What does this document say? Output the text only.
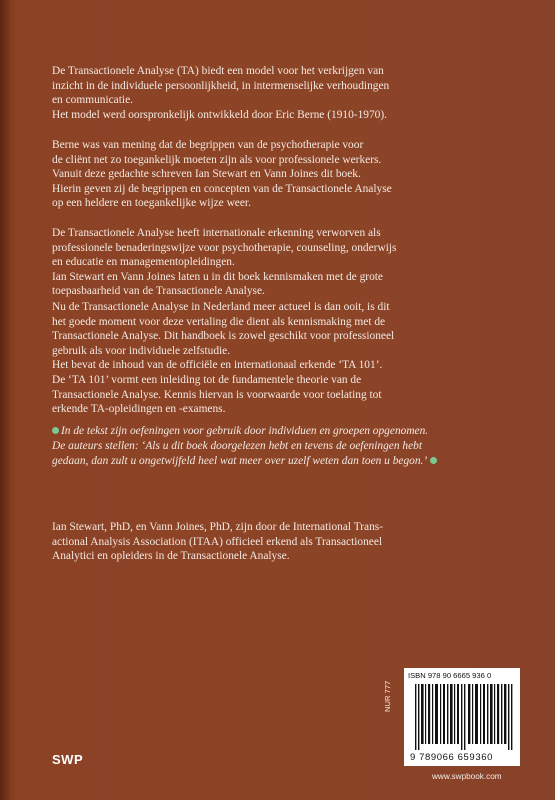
De Transactionele Analyse (TA) biedt een model voor het verkrijgen van
inzicht in de individuele persoonlijkheid, in intermenselijke verhoudingen
en communicatie.
Het model werd oorspronkelijk ontwikkeld door Eric Berne (1910-1970).
Berne was van mening dat de begrippen van de psychotherapie voor
de cliënt net zo toegankelijk moeten zijn als voor professionele werkers.
Vanuit deze gedachte schreven Ian Stewart en Vann Joines dit boek.
Hierin geven zij de begrippen en concepten van de Transactionele Analyse
op een heldere en toegankelijke wijze weer.
De Transactionele Analyse heeft internationale erkenning verworven als
professionele benaderingswijze voor psychotherapie, counseling, onderwijs
en educatie en managementopleidingen.
Ian Stewart en Vann Joines laten u in dit boek kennismaken met de grote
toepasbaarheid van de Transactionele Analyse.
Nu de Transactionele Analyse in Nederland meer actueel is dan ooit, is dit
het goede moment voor deze vertaling die dient als kennismaking met de
Transactionele Analyse. Dit handboek is zowel geschikt voor professioneel
gebruik als voor individuele zelfstudie.
Het bevat de inhoud van de officiële en internationaal erkende ‘TA 101’.
De ‘TA 101’ vormt een inleiding tot de fundamentele theorie van de
Transactionele Analyse. Kennis hiervan is voorwaarde voor toelating tot
erkende TA-opleidingen en -examens.
In de tekst zijn oefeningen voor gebruik door individuen en groepen opgenomen.
De auteurs stellen: ‘Als u dit boek doorgelezen hebt en tevens de oefeningen hebt
gedaan, dan zult u ongetwijfeld heel wat meer over uzelf weten dan toen u begon.’
Ian Stewart, PhD, en Vann Joines, PhD, zijn door de International Trans-
actional Analysis Association (ITAA) officieel erkend als Transactioneel
Analytici en opleiders in de Transactionele Analyse.
SWP
ISBN 978 90 6665 936 0
NUR 777
9 789066 659360
www.swpbook.com
